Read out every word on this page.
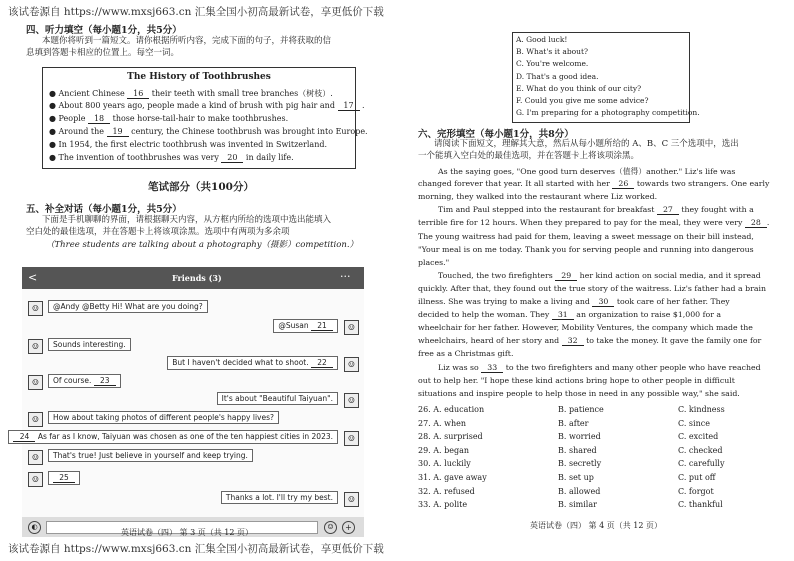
该试卷源自 https://www.mxsj663.cn 汇集全国小初高最新试卷，享更低价下载
该试卷源自 https://www.mxsj663.cn 汇集全国小初高最新试卷，享更低价下载
四、听力填空（每小题1分，共5分）
本题你将听到一篇短文。请你根据所听内容，完成下面的句子，并将获取的信
息填到答题卡相应的位置上。每空一词。
The History of Toothbrushes
● Ancient Chinese 16 their teeth with small tree branches（树枝）.
● About 800 years ago, people made a kind of brush with pig hair and 17 .
● People 18 those horse-tail-hair to make toothbrushes.
● Around the 19 century, the Chinese toothbrush was brought into Europe.
● In 1954, the first electric toothbrush was invented in Switzerland.
● The invention of toothbrushes was very 20 in daily life.
笔试部分（共100分）
五、补全对话（每小题1分，共5分）
下面是手机聊聊的界面，请根据聊天内容，从方框内所给的选项中选出能填入
空白处的最佳选项，并在答题卡上将该项涂黑。选项中有两项为多余项
（Three students are talking about a photography（摄影）competition.）
<	Friends (3)	···
☺	@Andy @Betty Hi! What are you doing?
☺
@Susan 21
☺	Sounds interesting.
☺
But I haven't decided what to shoot. 22
☺	Of course. 23
☺
It's about "Beautiful Taiyuan".
☺	How about taking photos of different people's happy lives?
☺
24 As far as I know, Taiyuan was chosen as one of the ten happiest cities in 2023.
☺	That's true! Just believe in yourself and keep trying.
☺	25
☺
Thanks a lot. I'll try my best.
◐	☺	+
英语试卷（四） 第 3 页（共 12 页）
A. Good luck!
B. What's it about?
C. You're welcome.
D. That's a good idea.
E. What do you think of our city?
F. Could you give me some advice?
G. I'm preparing for a photography competition.
六、完形填空（每小题1分，共8分）
请阅读下面短文，理解其大意，然后从每小题所给的 A、B、C 三个选项中，选出
一个能填入空白处的最佳选项，并在答题卡上将该项涂黑。
As the saying goes, "One good turn deserves（值得）another." Liz's life was
changed forever that year. It all started with her 26 towards two strangers. One early
morning, they walked into the restaurant where Liz worked.
Tim and Paul stepped into the restaurant for breakfast 27 they fought with a
terrible fire for 12 hours. When they prepared to pay for the meal, they were very 28 .
The young waitress had paid for them, leaving a sweet message on their bill instead,
"Your meal is on me today. Thank you for serving people and running into dangerous
places."
Touched, the two firefighters 29 her kind action on social media, and it spread
quickly. After that, they found out the true story of the waitress. Liz's father had a brain
illness. She was trying to make a living and 30 took care of her father. They
decided to help the woman. They 31 an organization to raise $1,000 for a
wheelchair for her father. However, Mobility Ventures, the company which made the
wheelchairs, heard of her story and 32 to take the money. It gave the family one for
free as a Christmas gift.
Liz was so 33 to the two firefighters and many other people who have reached
out to help her. "I hope these kind actions bring hope to other people in difficult
situations and inspire people to help those in need in any possible way," she said.
26. A. education	B. patience	C. kindness
27. A. when	B. after	C. since
28. A. surprised	B. worried	C. excited
29. A. began	B. shared	C. checked
30. A. luckily	B. secretly	C. carefully
31. A. gave away	B. set up	C. put off
32. A. refused	B. allowed	C. forgot
33. A. polite	B. similar	C. thankful
英语试卷（四） 第 4 页（共 12 页）
